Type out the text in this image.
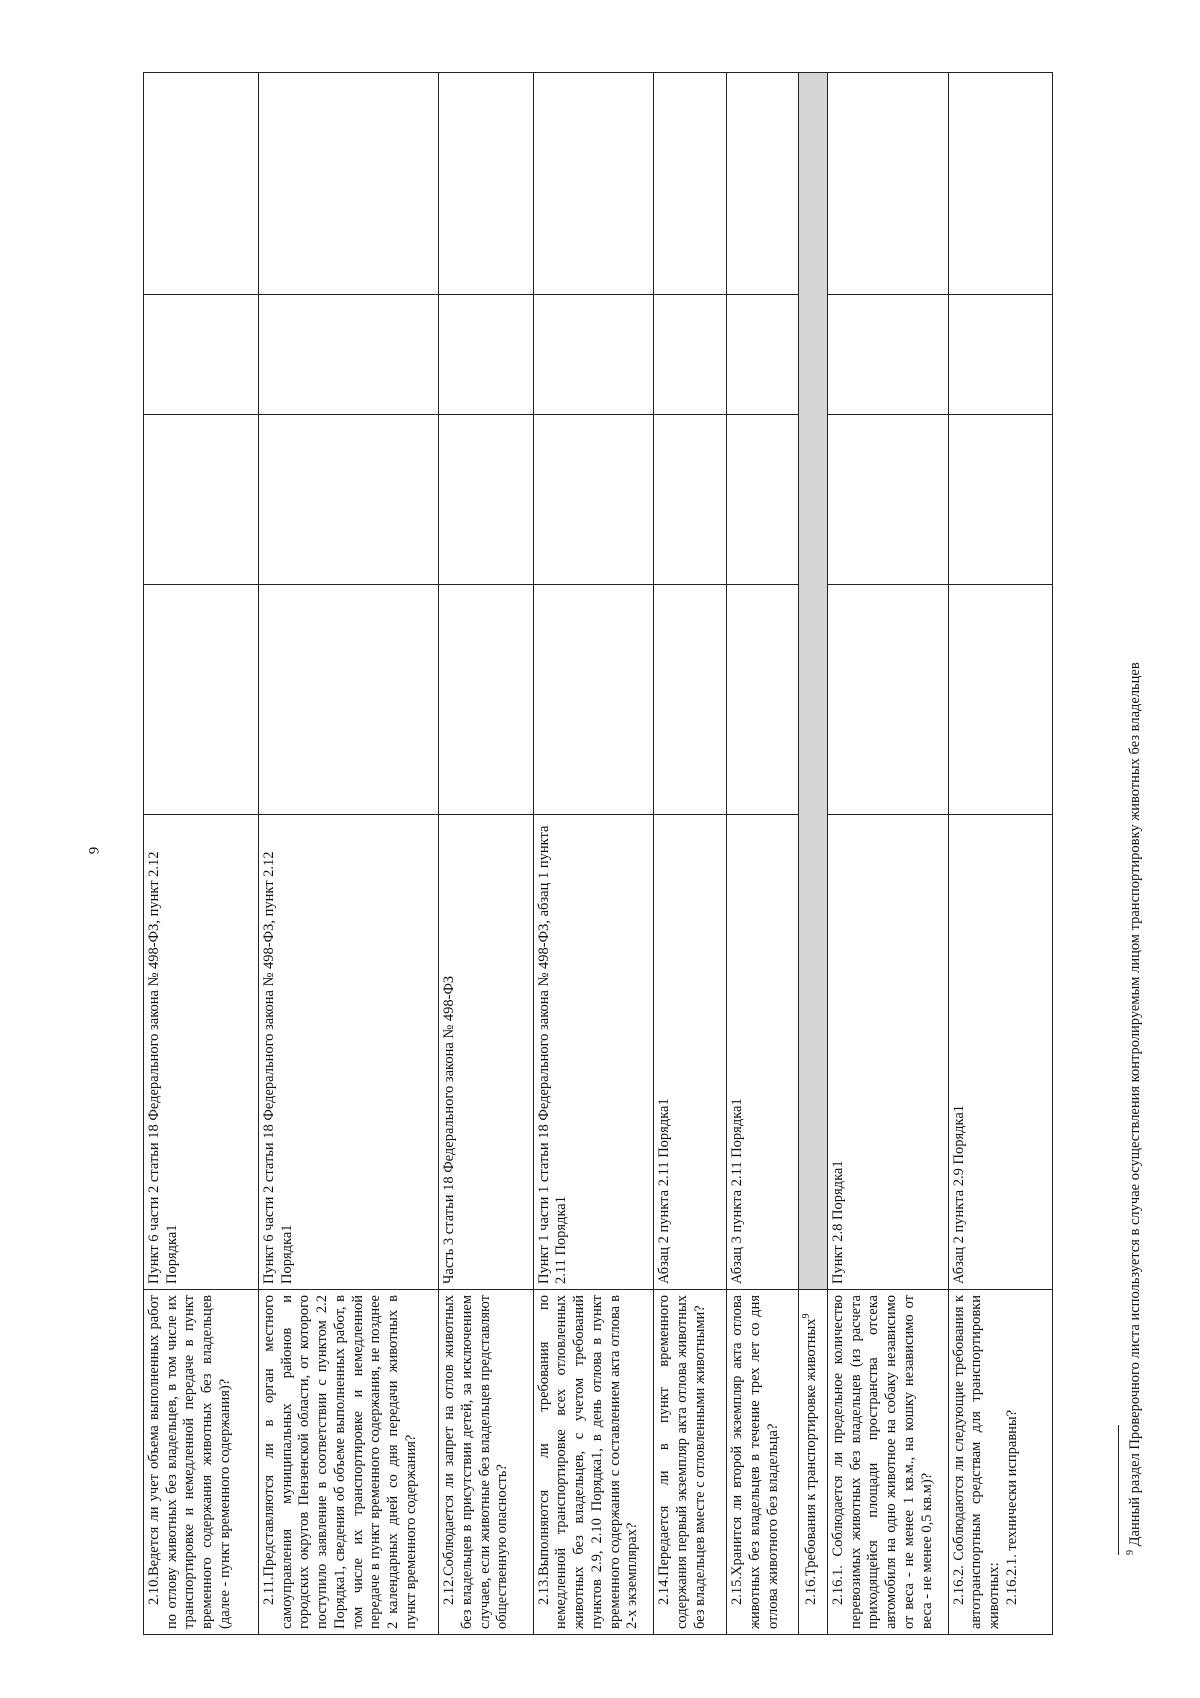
9
2.10.Ведется ли учет объема выполненных работ по отлову животных без владельцев, в том числе их транспортировке и немедленной передаче в пункт временного содержания животных без владельцев (далее - пункт временного содержания)?	Пункт 6 части 2 статьи 18 Федерального закона № 498-ФЗ, пункт 2.12 Порядка1				
2.11.Представляются ли в орган местного самоуправления муниципальных районов и городских округов Пензенской области, от которого поступило заявление в соответствии с пунктом 2.2 Порядка1, сведения об объеме выполненных работ, в том числе их транспортировке и немедленной передаче в пункт временного содержания, не позднее 2 календарных дней со дня передачи животных в пункт временного содержания?	Пункт 6 части 2 статьи 18 Федерального закона № 498-ФЗ, пункт 2.12 Порядка1				
2.12.Соблюдается ли запрет на отлов животных без владельцев в присутствии детей, за исключением случаев, если животные без владельцев представляют общественную опасность?	Часть 3 статьи 18 Федерального закона № 498-ФЗ				
2.13.Выполняются ли требования по немедленной транспортировке всех отловленных животных без владельцев, с учетом требований пунктов 2.9, 2.10 Порядка1, в день отлова в пункт временного содержания с составлением акта отлова в 2-х экземплярах?	Пункт 1 части 1 статьи 18 Федерального закона № 498-ФЗ, абзац 1 пункта 2.11 Порядка1				
2.14.Передается ли в пункт временного содержания первый экземпляр акта отлова животных без владельцев вместе с отловленными животными?	Абзац 2 пункта 2.11 Порядка1				
2.15.Хранится ли второй экземпляр акта отлова животных без владельцев в течение трех лет со дня отлова животного без владельца?	Абзац 3 пункта 2.11 Порядка1				
2.16.Требования к транспортировке животных$^9$	
2.16.1. Соблюдается ли предельное количество перевозимых животных без владельцев (из расчета приходящейся площади пространства отсека автомобиля на одно животное на собаку независимо от веса - не менее 1 кв.м., на кошку независимо от веса - не менее 0,5 кв.м)?	Пункт 2.8 Порядка1				

2.16.2. Соблюдаются ли следующие требования к автотранспортным средствам для транспортировки животных: 2.16.2.1. технически исправны?	Абзац 2 пункта 2.9 Порядка1				
$^9$ Данный раздел Проверочного листа используется в случае осуществления контролируемым лицом транспортировку животных без владельцев
